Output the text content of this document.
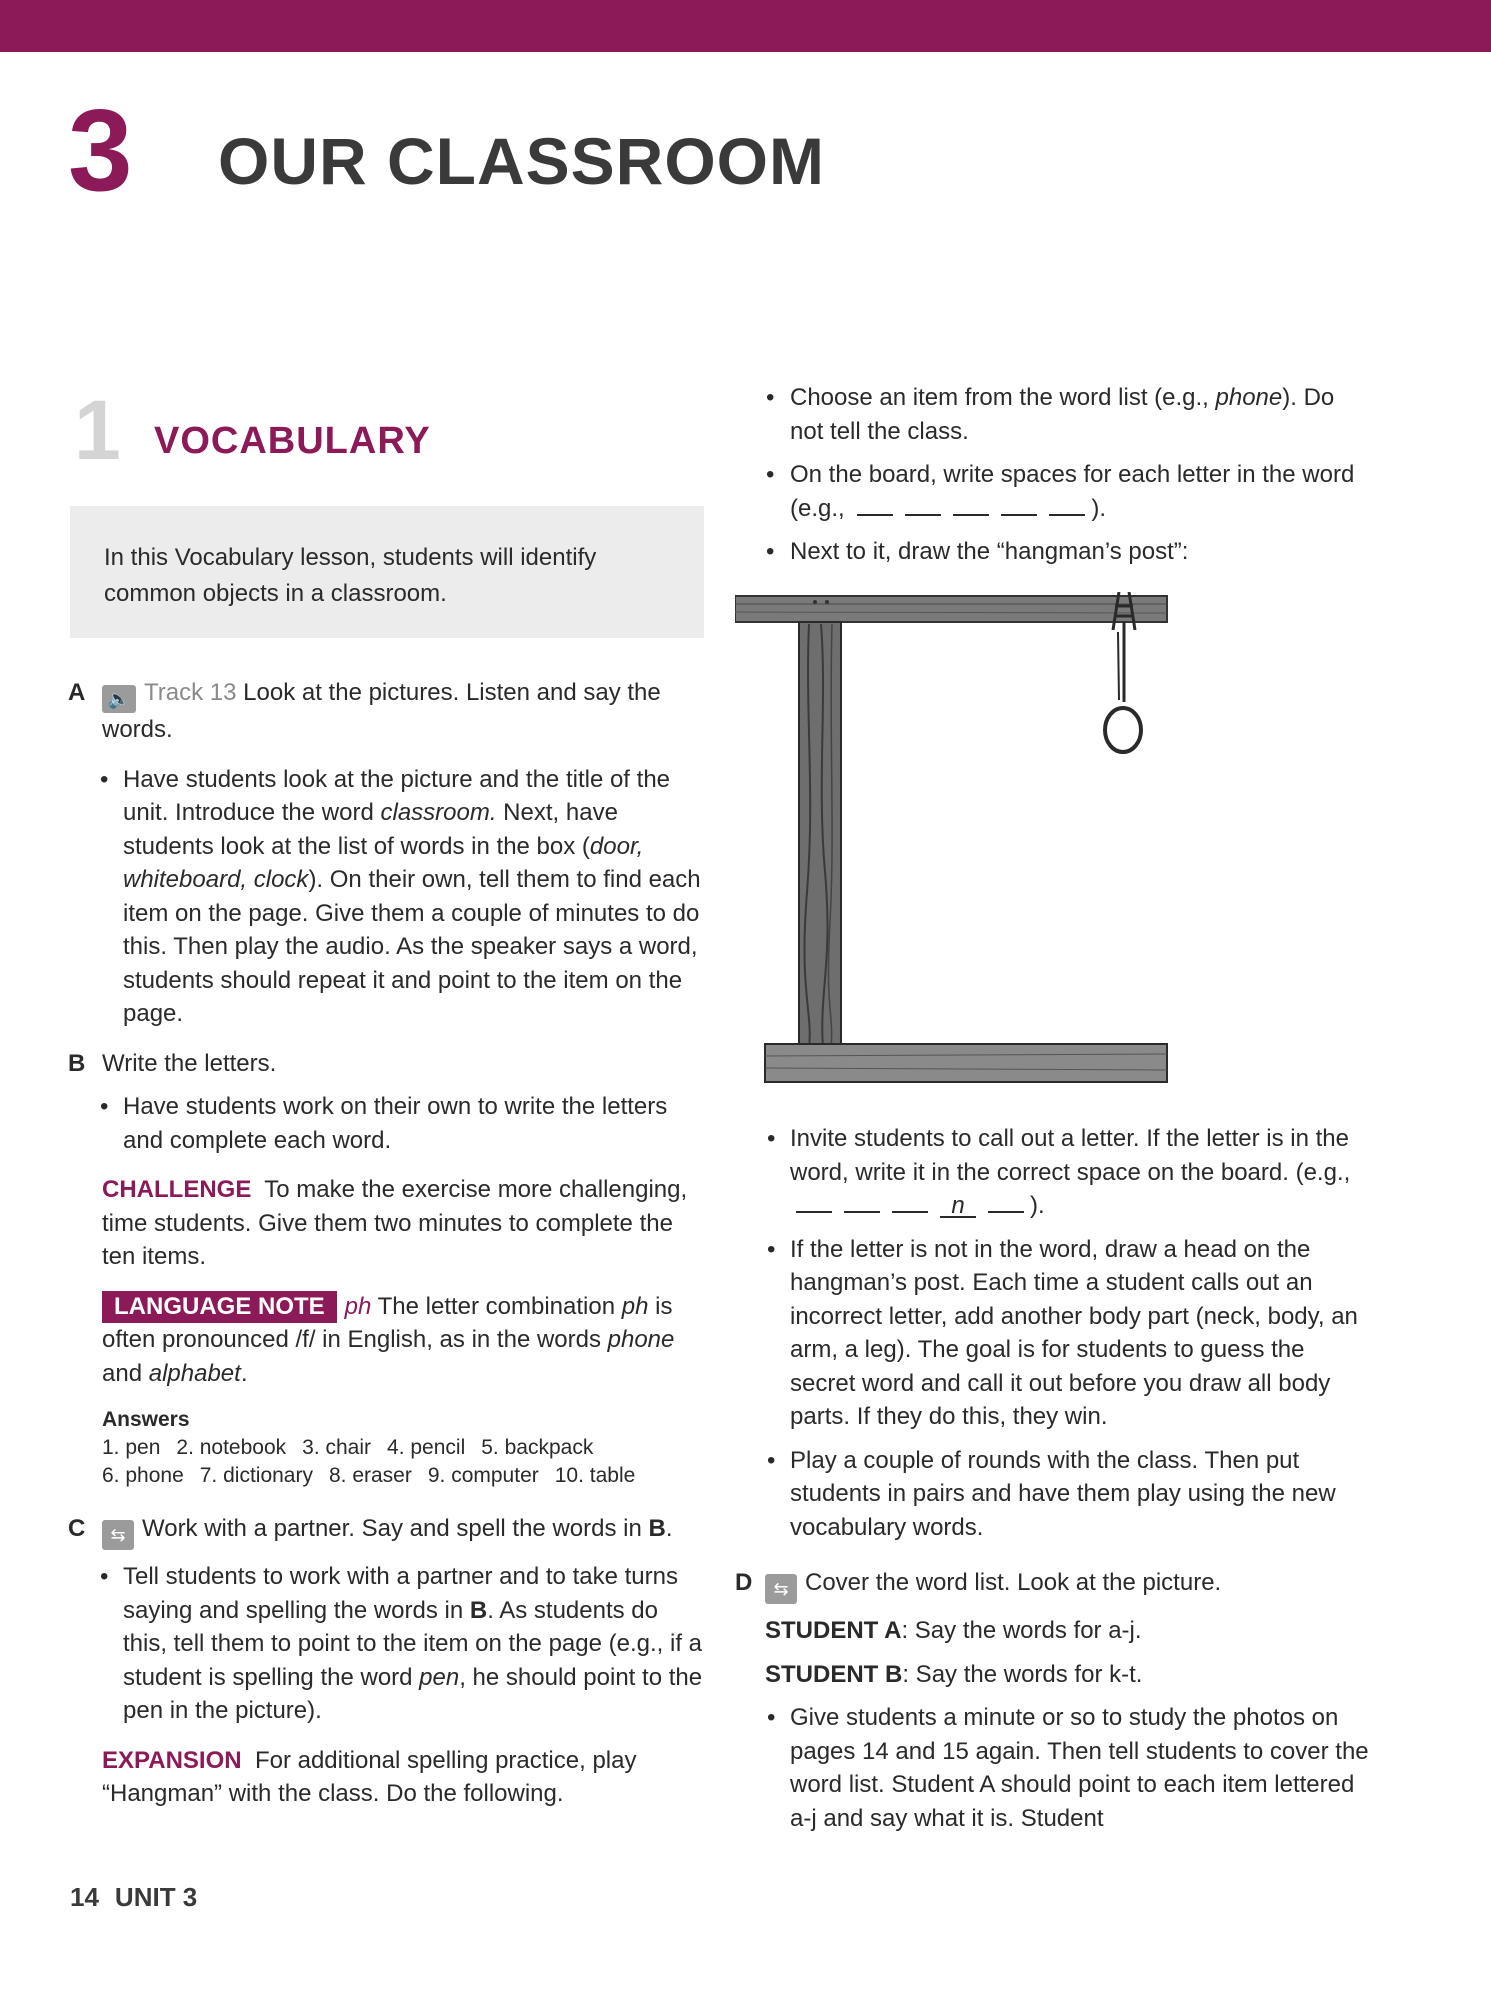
3 OUR CLASSROOM
1 VOCABULARY
In this Vocabulary lesson, students will identify common objects in a classroom.
A 🔈 Track 13 Look at the pictures. Listen and say the words.

• Have students look at the picture and the title of the unit. Introduce the word classroom. Next, have students look at the list of words in the box (door, whiteboard, clock). On their own, tell them to find each item on the page. Give them a couple of minutes to do this. Then play the audio. As the speaker says a word, students should repeat it and point to the item on the page.

B Write the letters.

• Have students work on their own to write the letters and complete each word.

CHALLENGE To make the exercise more challenging, time students. Give them two minutes to complete the ten items.

LANGUAGE NOTE ph The letter combination ph is often pronounced /f/ in English, as in the words phone and alphabet.

Answers
1. pen 2. notebook 3. chair 4. pencil 5. backpack
6. phone 7. dictionary 8. eraser 9. computer 10. table
C ⇆ Work with a partner. Say and spell the words in B.

• Tell students to work with a partner and to take turns saying and spelling the words in B. As students do this, tell them to point to the item on the page (e.g., if a student is spelling the word pen, he should point to the pen in the picture).

EXPANSION For additional spelling practice, play “Hangman” with the class. Do the following.

• Choose an item from the word list (e.g., phone). Do not tell the class.

• On the board, write spaces for each letter in the word (e.g.,	).

• Next to it, draw the “hangman’s post”:

• Invite students to call out a letter. If the letter is in the word, write it in the correct space on the board. (e.g., n	).

• If the letter is not in the word, draw a head on the hangman’s post. Each time a student calls out an incorrect letter, add another body part (neck, body, an arm, a leg). The goal is for students to guess the secret word and call it out before you draw all body parts. If they do this, they win.

• Play a couple of rounds with the class. Then put students in pairs and have them play using the new vocabulary words.

D ⇆ Cover the word list. Look at the picture.

STUDENT A: Say the words for a-j.

STUDENT B: Say the words for k-t.

• Give students a minute or so to study the photos on pages 14 and 15 again. Then tell students to cover the word list. Student A should point to each item lettered a-j and say what it is. Student

14 UNIT 3
